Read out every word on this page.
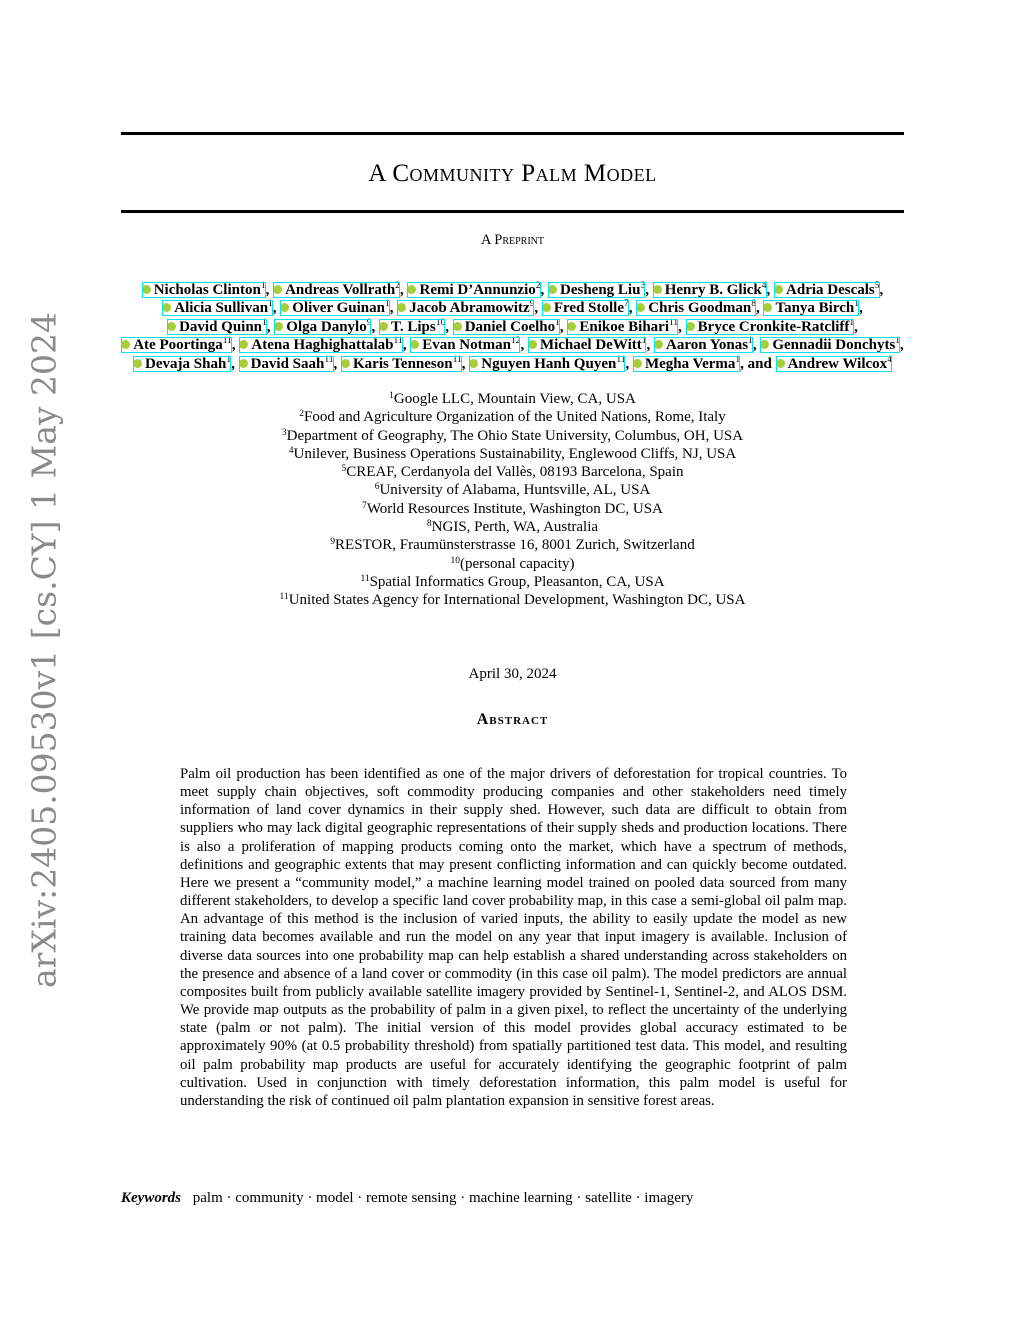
arXiv:2405.09530v1 [cs.CY] 1 May 2024
A Community Palm Model
A Preprint
Nicholas Clinton$^1$, Andreas Vollrath$^2$, Remi D’Annunzio$^2$, Desheng Liu$^3$, Henry B. Glick$^4$, Adria Descals$^5$, Alicia Sullivan$^1$, Oliver Guinan$^1$, Jacob Abramowitz$^9$, Fred Stolle$^7$, Chris Goodman$^8$, Tanya Birch$^1$, David Quinn$^1$, Olga Danylo$^9$, T. Lips$^{10}$, Daniel Coelho$^1$, Enikoe Bihari$^{11}$, Bryce Cronkite-Ratcliff$^1$, Ate Poortinga$^{11}$, Atena Haghighattalab$^{11}$, Evan Notman$^{12}$, Michael DeWitt$^1$, Aaron Yonas$^1$, Gennadii Donchyts$^1$, Devaja Shah$^1$, David Saah$^{11}$, Karis Tenneson$^{11}$, Nguyen Hanh Quyen$^{11}$, Megha Verma$^1$, and Andrew Wilcox$^4$
$^1$Google LLC, Mountain View, CA, USA
$^2$Food and Agriculture Organization of the United Nations, Rome, Italy
$^3$Department of Geography, The Ohio State University, Columbus, OH, USA
$^4$Unilever, Business Operations Sustainability, Englewood Cliffs, NJ, USA
$^5$CREAF, Cerdanyola del Vallès, 08193 Barcelona, Spain
$^6$University of Alabama, Huntsville, AL, USA
$^7$World Resources Institute, Washington DC, USA
$^8$NGIS, Perth, WA, Australia
$^9$RESTOR, Fraumünsterstrasse 16, 8001 Zurich, Switzerland
$^{10}$(personal capacity)
$^{11}$Spatial Informatics Group, Pleasanton, CA, USA
$^{11}$United States Agency for International Development, Washington DC, USA
April 30, 2024
Abstract
Palm oil production has been identified as one of the major drivers of deforestation for tropical countries. To meet supply chain objectives, soft commodity producing companies and other stakeholders need timely information of land cover dynamics in their supply shed. However, such data are difficult to obtain from suppliers who may lack digital geographic representations of their supply sheds and production locations. There is also a proliferation of mapping products coming onto the market, which have a spectrum of methods, definitions and geographic extents that may present conflicting information and can quickly become outdated. Here we present a “community model,” a machine learning model trained on pooled data sourced from many different stakeholders, to develop a specific land cover probability map, in this case a semi-global oil palm map. An advantage of this method is the inclusion of varied inputs, the ability to easily update the model as new training data becomes available and run the model on any year that input imagery is available. Inclusion of diverse data sources into one probability map can help establish a shared understanding across stakeholders on the presence and absence of a land cover or commodity (in this case oil palm). The model predictors are annual composites built from publicly available satellite imagery provided by Sentinel-1, Sentinel-2, and ALOS DSM. We provide map outputs as the probability of palm in a given pixel, to reflect the uncertainty of the underlying state (palm or not palm). The initial version of this model provides global accuracy estimated to be approximately 90% (at 0.5 probability threshold) from spatially partitioned test data. This model, and resulting oil palm probability map products are useful for accurately identifying the geographic footprint of palm cultivation. Used in conjunction with timely deforestation information, this palm model is useful for understanding the risk of continued oil palm plantation expansion in sensitive forest areas.
Keywords palm · community · model · remote sensing · machine learning · satellite · imagery
